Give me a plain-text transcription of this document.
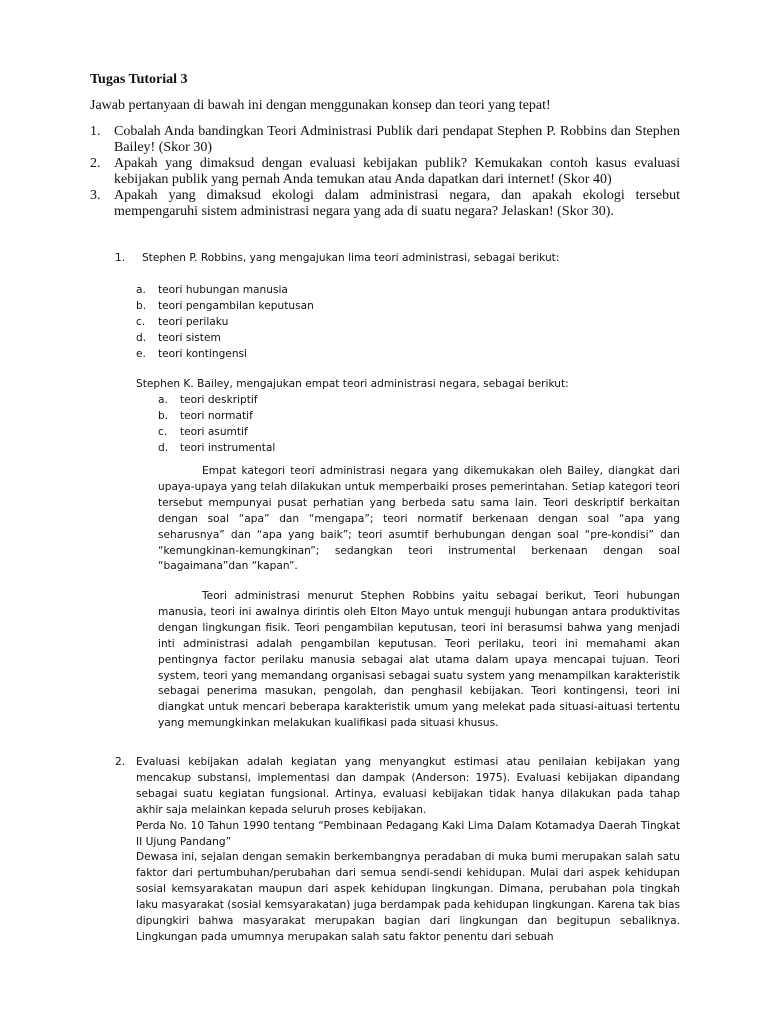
Tugas Tutorial 3
Jawab pertanyaan di bawah ini dengan menggunakan konsep dan teori yang tepat!
1. Cobalah Anda bandingkan Teori Administrasi Publik dari pendapat Stephen P. Robbins dan Stephen Bailey! (Skor 30)
2. Apakah yang dimaksud dengan evaluasi kebijakan publik? Kemukakan contoh kasus evaluasi kebijakan publik yang pernah Anda temukan atau Anda dapatkan dari internet! (Skor 40)
3. Apakah yang dimaksud ekologi dalam administrasi negara, dan apakah ekologi tersebut mempengaruhi sistem administrasi negara yang ada di suatu negara? Jelaskan! (Skor 30).
1. Stephen P. Robbins, yang mengajukan lima teori administrasi, sebagai berikut:
a. teori hubungan manusia
b. teori pengambilan keputusan
c. teori perilaku
d. teori sistem
e. teori kontingensi
Stephen K. Bailey, mengajukan empat teori administrasi negara, sebagai berikut:
a. teori deskriptif
b. teori normatif
c. teori asumtif
d. teori instrumental

Empat kategori teori administrasi negara yang dikemukakan oleh Bailey, diangkat dari upaya-upaya yang telah dilakukan untuk memperbaiki proses pemerintahan. Setiap kategori teori tersebut mempunyai pusat perhatian yang berbeda satu sama lain. Teori deskriptif berkaitan dengan soal “apa” dan “mengapa”; teori normatif berkenaan dengan soal “apa yang seharusnya” dan “apa yang baik”; teori asumtif berhubungan dengan soal “pre-kondisi” dan “kemungkinan-kemungkinan”; sedangkan teori instrumental berkenaan dengan soal “bagaimana”dan “kapan”.

Teori administrasi menurut Stephen Robbins yaitu sebagai berikut, Teori hubungan manusia, teori ini awalnya dirintis oleh Elton Mayo untuk menguji hubungan antara produktivitas dengan lingkungan fisik. Teori pengambilan keputusan, teori ini berasumsi bahwa yang menjadi inti administrasi adalah pengambilan keputusan. Teori perilaku, teori ini memahami akan pentingnya factor perilaku manusia sebagai alat utama dalam upaya mencapai tujuan. Teori system, teori yang memandang organisasi sebagai suatu system yang menampilkan karakteristik sebagai penerima masukan, pengolah, dan penghasil kebijakan. Teori kontingensi, teori ini diangkat untuk mencari beberapa karakteristik umum yang melekat pada situasi-aituasi tertentu yang memungkinkan melakukan kualifikasi pada situasi khusus.

2. Evaluasi kebijakan adalah kegiatan yang menyangkut estimasi atau penilaian kebijakan yang mencakup substansi, implementasi dan dampak (Anderson: 1975). Evaluasi kebijakan dipandang sebagai suatu kegiatan fungsional. Artinya, evaluasi kebijakan tidak hanya dilakukan pada tahap akhir saja melainkan kepada seluruh proses kebijakan.

Perda No. 10 Tahun 1990 tentang “Pembinaan Pedagang Kaki Lima Dalam Kotamadya Daerah Tingkat II Ujung Pandang”

Dewasa ini, sejalan dengan semakin berkembangnya peradaban di muka bumi merupakan salah satu faktor dari pertumbuhan/perubahan dari semua sendi-sendi kehidupan. Mulai dari aspek kehidupan sosial kemsyarakatan maupun dari aspek kehidupan lingkungan. Dimana, perubahan pola tingkah laku masyarakat (sosial kemsyarakatan) juga berdampak pada kehidupan lingkungan. Karena tak bias dipungkiri bahwa masyarakat merupakan bagian dari lingkungan dan begitupun sebaliknya. Lingkungan pada umumnya merupakan salah satu faktor penentu dari sebuah
